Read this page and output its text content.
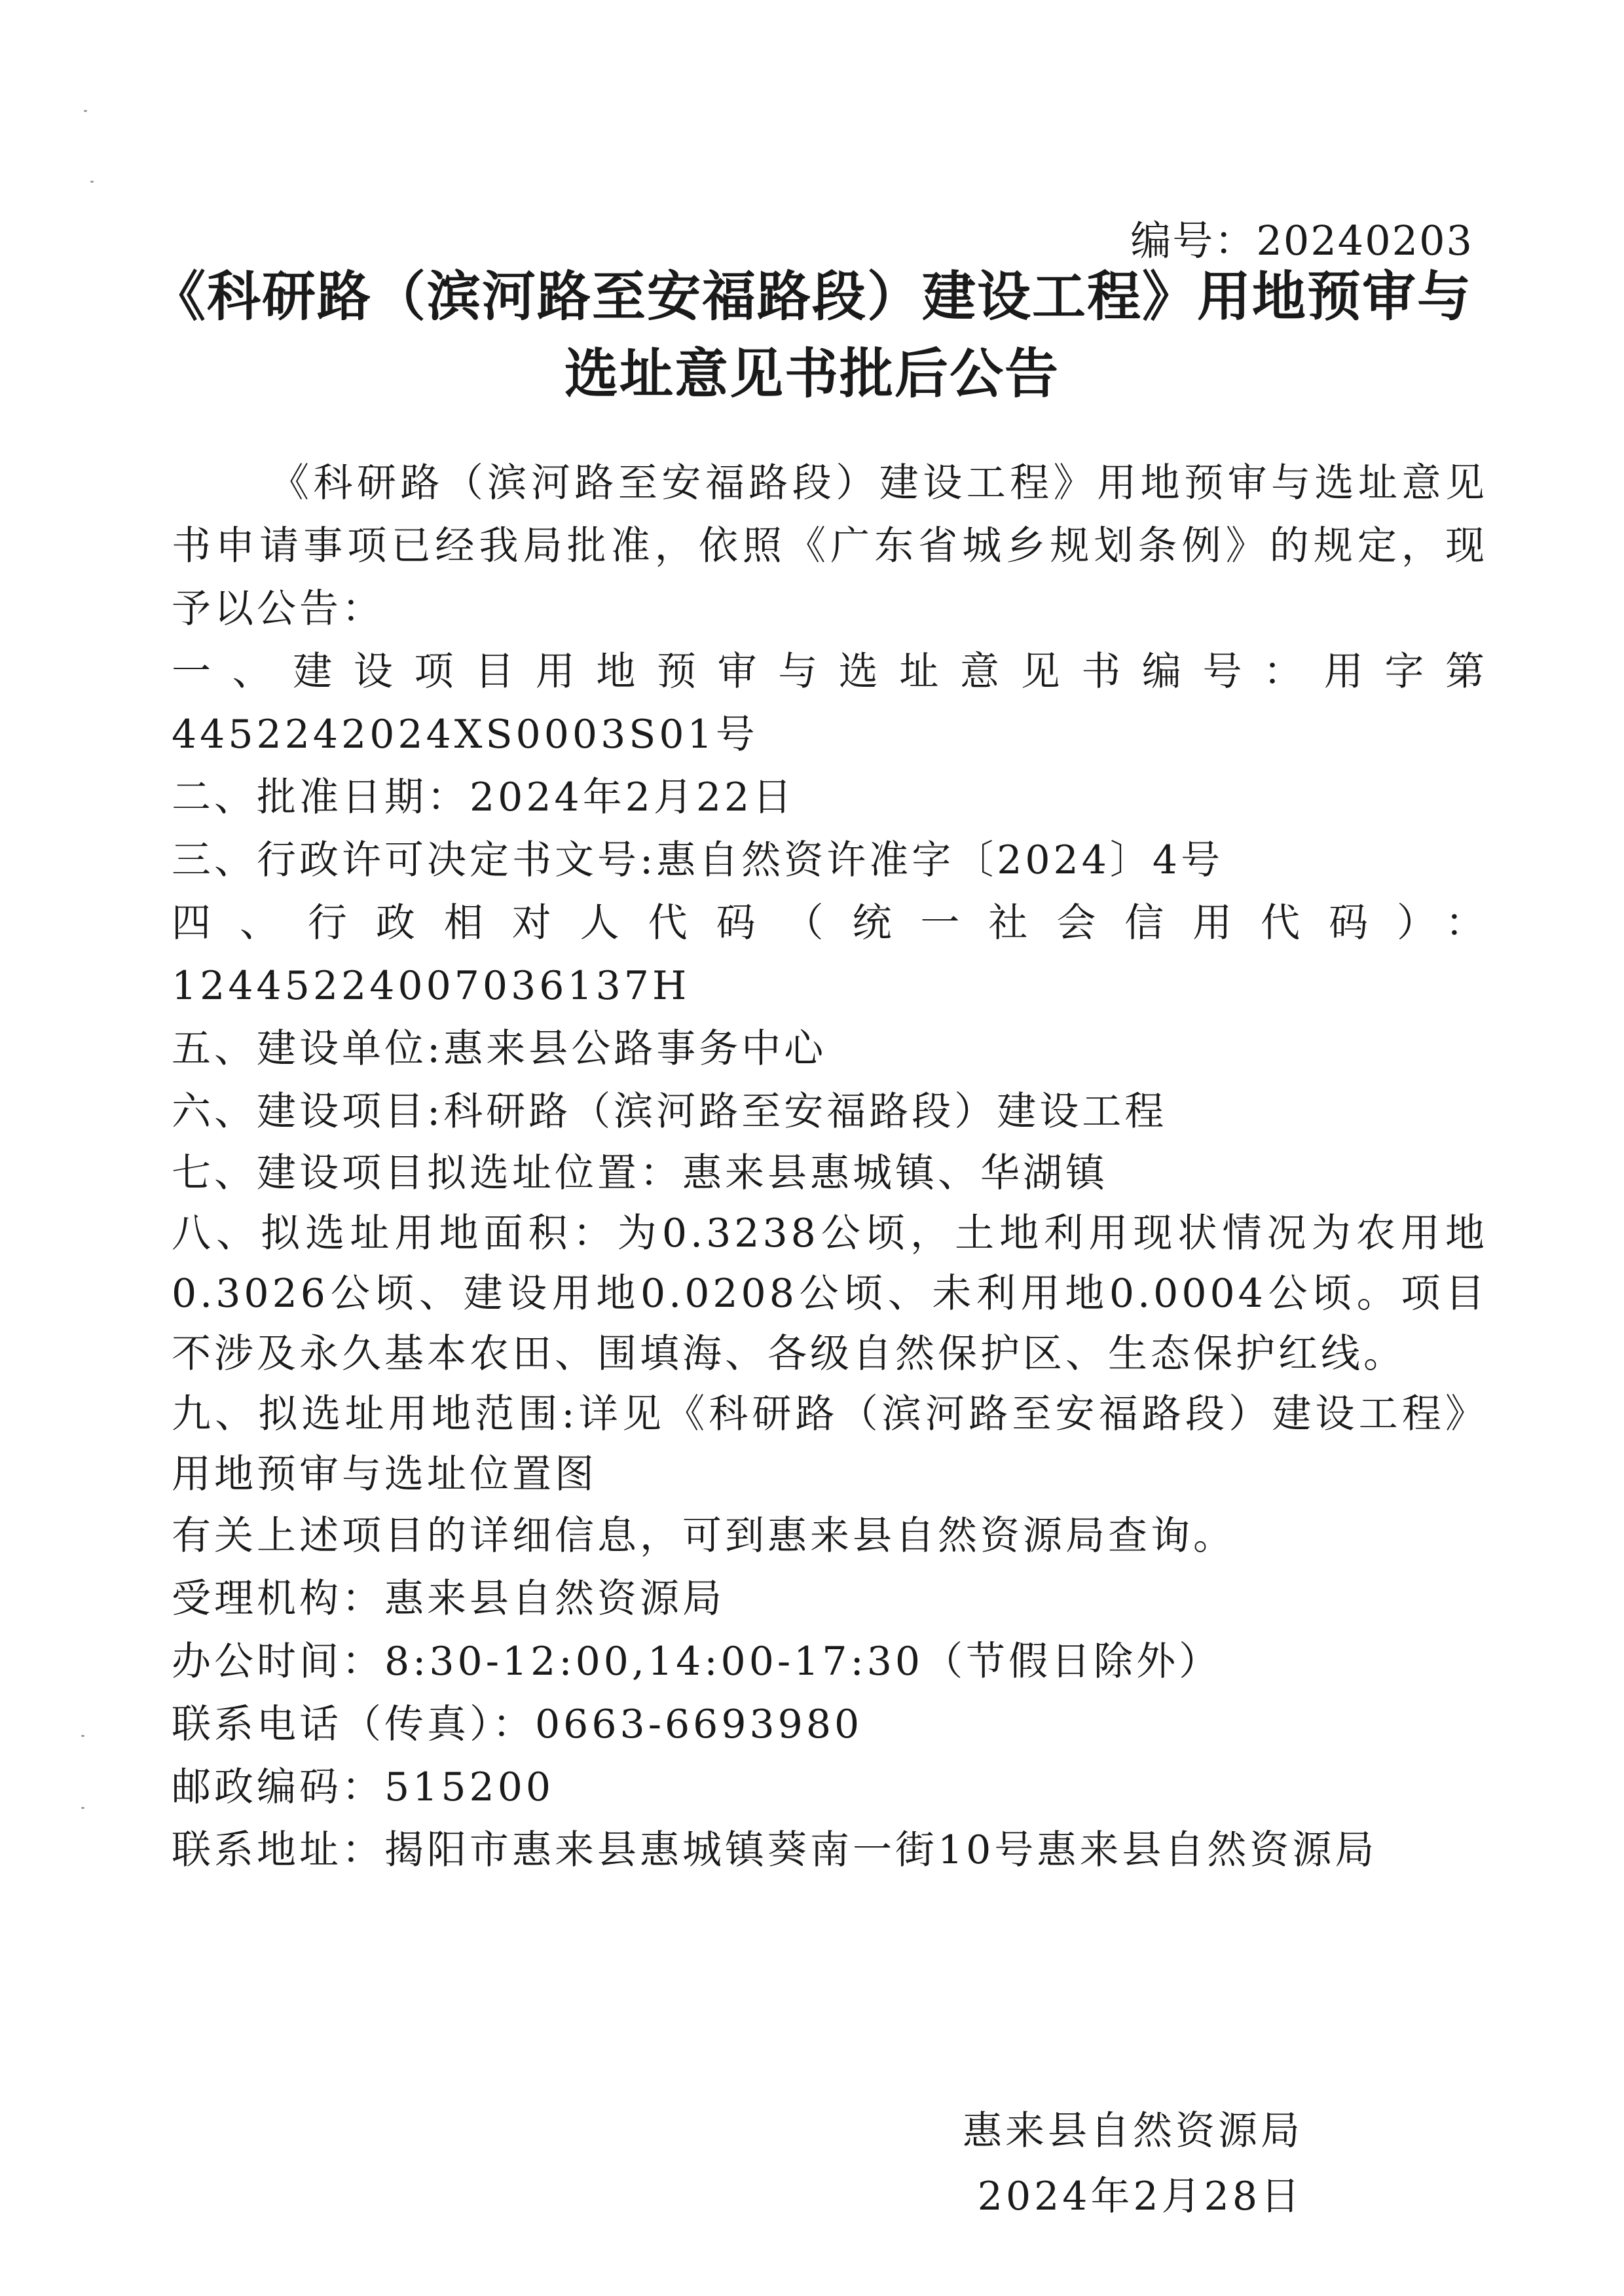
编号：20240203
《科研路（滨河路至安福路段）建设工程》用地预审与
选址意见书批后公告

《科研路（滨河路至安福路段）建设工程》用地预审与选址意见书申请事项已经我局批准，依照《广东省城乡规划条例》的规定，现予以公告：

一、建设项目用地预审与选址意见书编号：用字第4452242024XS0003S01号

二、批准日期：2024年2月22日

三、行政许可决定书文号:惠自然资许准字〔2024〕4号

四、行政相对人代码（统一社会信用代码）：12445224007036137H

五、建设单位:惠来县公路事务中心

六、建设项目:科研路（滨河路至安福路段）建设工程

七、建设项目拟选址位置：惠来县惠城镇、华湖镇

八、拟选址用地面积：为0.3238公顷，土地利用现状情况为农用地0.3026公顷、建设用地0.0208公顷、未利用地0.0004公顷。项目不涉及永久基本农田、围填海、各级自然保护区、生态保护红线。

九、拟选址用地范围:详见《科研路（滨河路至安福路段）建设工程》用地预审与选址位置图

有关上述项目的详细信息，可到惠来县自然资源局查询。

受理机构：惠来县自然资源局

办公时间：8:30-12:00,14:00-17:30（节假日除外）

联系电话（传真）：0663-6693980

邮政编码：515200

联系地址：揭阳市惠来县惠城镇葵南一街10号惠来县自然资源局

惠来县自然资源局
2024年2月28日
